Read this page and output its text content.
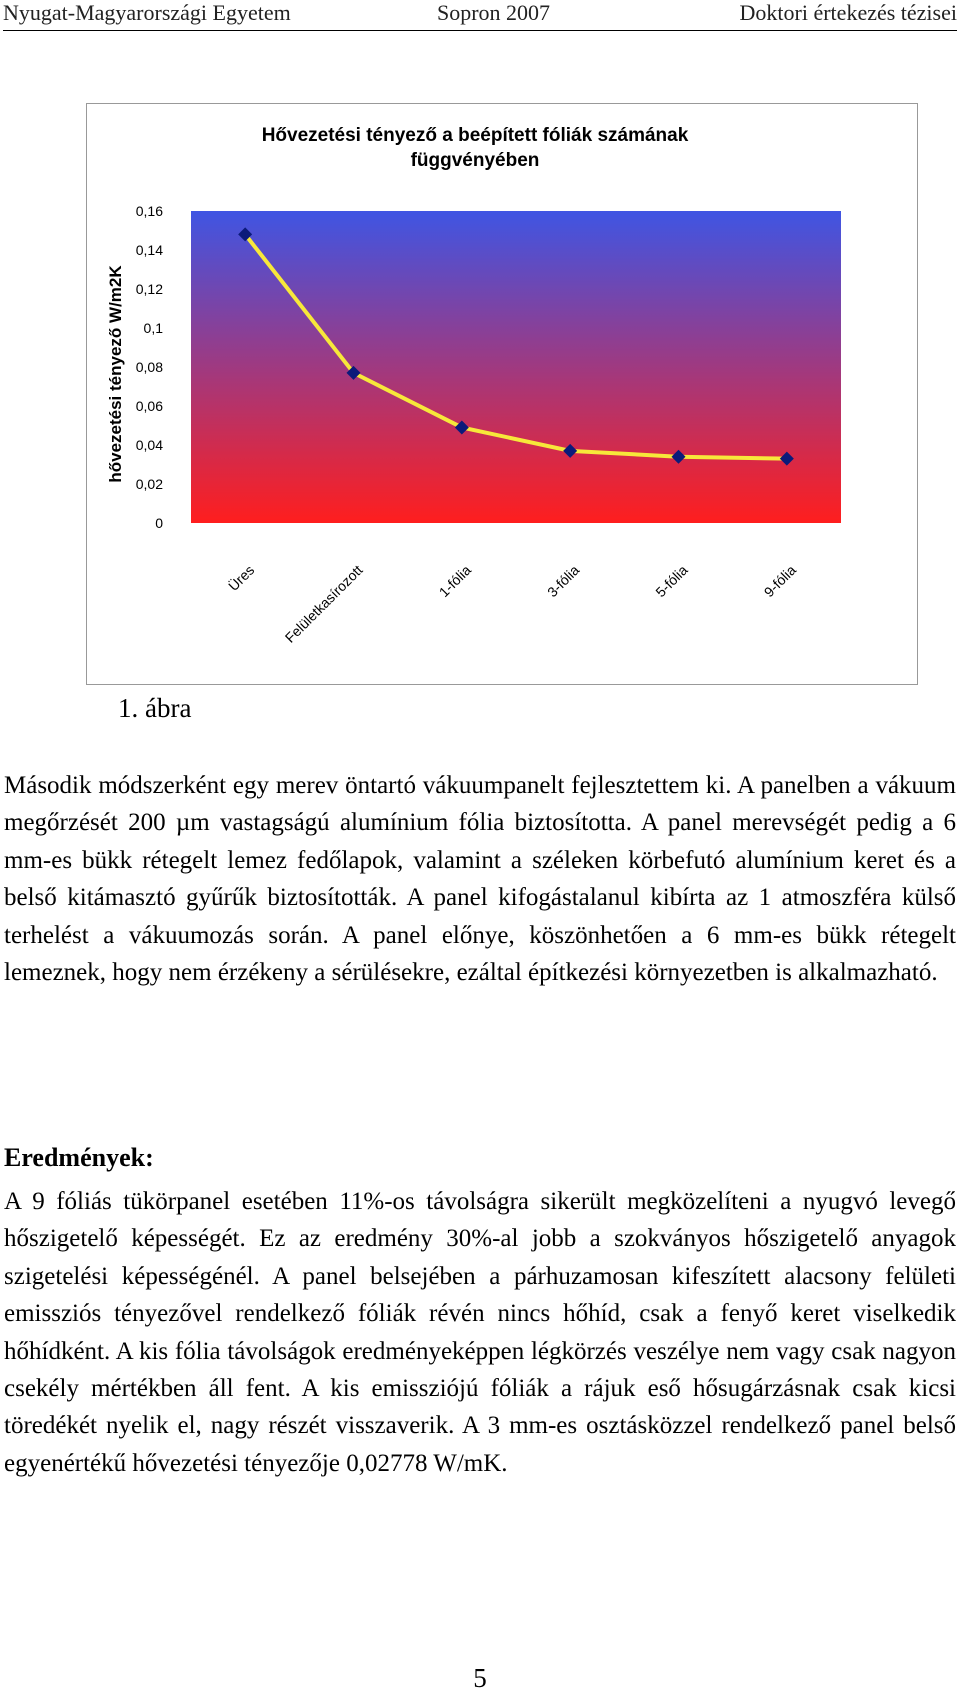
Nyugat-Magyarországi Egyetem	Sopron 2007	Doktori értekezés tézisei
Hővezetési tényező a beépített fóliák számának
függvényében
hővezetési tényező W/m2K
0,16
0,14
0,12
0,1
0,08
0,06
0,04
0,02
0
Üres Felületkasírozott	1-fólia	3-fólia	5-fólia	9-fólia
1. ábra

Második módszerként egy merev öntartó vákuumpanelt fejlesztettem ki. A panelben a vákuum megőrzését 200 µm vastagságú alumínium fólia biztosította. A panel merevségét pedig a 6 mm-es bükk rétegelt lemez fedőlapok, valamint a széleken körbefutó alumínium keret és a belső kitámasztó gyűrűk biztosították. A panel kifogástalanul kibírta az 1 atmoszféra külső terhelést a vákuumozás során. A panel előnye, köszönhetően a 6 mm-es bükk rétegelt lemeznek, hogy nem érzékeny a sérülésekre, ezáltal építkezési környezetben is alkalmazható.

Eredmények:

A 9 fóliás tükörpanel esetében 11%-os távolságra sikerült megközelíteni a nyugvó levegő hőszigetelő képességét. Ez az eredmény 30%-al jobb a szokványos hőszigetelő anyagok szigetelési képességénél. A panel belsejében a párhuzamosan kifeszített alacsony felületi emissziós tényezővel rendelkező fóliák révén nincs hőhíd, csak a fenyő keret viselkedik hőhídként. A kis fólia távolságok eredményeképpen légkörzés veszélye nem vagy csak nagyon csekély mértékben áll fent. A kis emissziójú fóliák a rájuk eső hősugárzásnak csak kicsi töredékét nyelik el, nagy részét visszaverik. A 3 mm-es osztásközzel rendelkező panel belső egyenértékű hővezetési tényezője 0,02778 W/mK.

5
